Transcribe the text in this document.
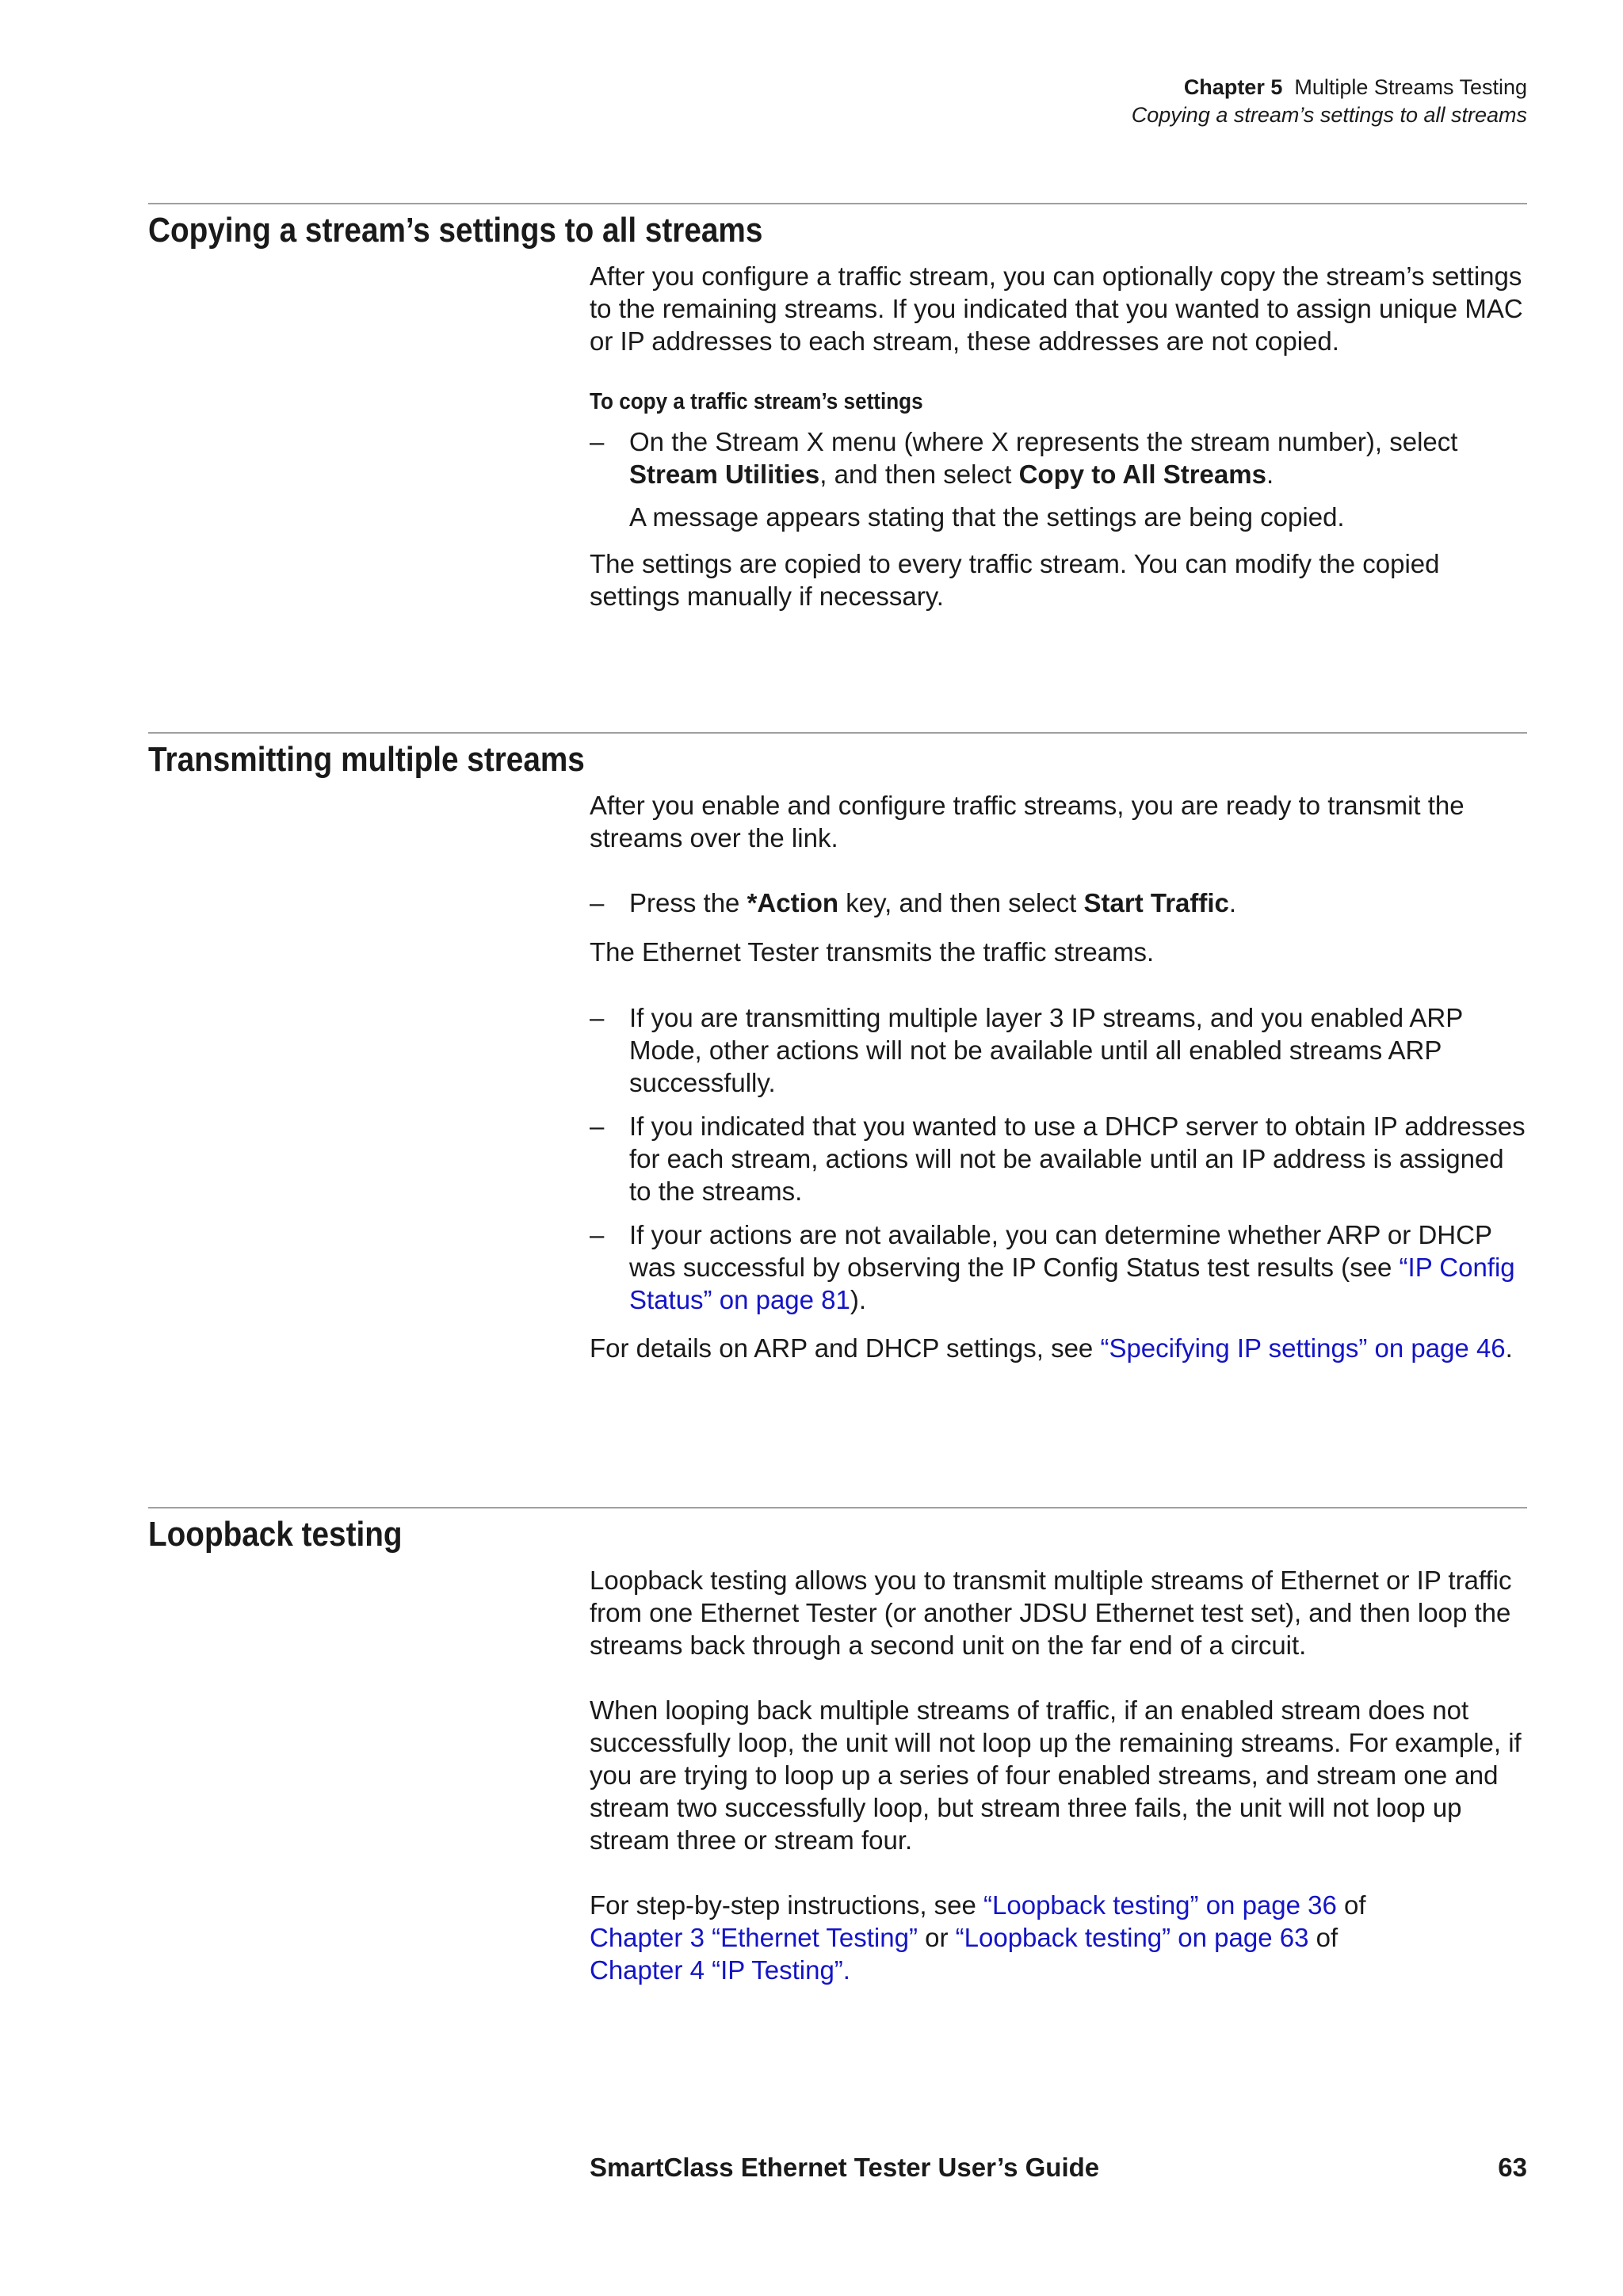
Chapter 5 Multiple Streams Testing
Copying a stream’s settings to all streams
Copying a stream’s settings to all streams

After you configure a traffic stream, you can optionally copy the stream’s settings to the remaining streams. If you indicated that you wanted to assign unique MAC or IP addresses to each stream, these addresses are not copied.

To copy a traffic stream’s settings

– On the Stream X menu (where X represents the stream number), select Stream Utilities, and then select Copy to All Streams.

A message appears stating that the settings are being copied.

The settings are copied to every traffic stream. You can modify the copied settings manually if necessary.

Transmitting multiple streams

After you enable and configure traffic streams, you are ready to transmit the streams over the link.

– Press the *Action key, and then select Start Traffic.

The Ethernet Tester transmits the traffic streams.

– If you are transmitting multiple layer 3 IP streams, and you enabled ARP Mode, other actions will not be available until all enabled streams ARP successfully.

– If you indicated that you wanted to use a DHCP server to obtain IP addresses for each stream, actions will not be available until an IP address is assigned to the streams.

– If your actions are not available, you can determine whether ARP or DHCP was successful by observing the IP Config Status test results (see “IP Config Status” on page 81).

For details on ARP and DHCP settings, see “Specifying IP settings” on page 46.

Loopback testing

Loopback testing allows you to transmit multiple streams of Ethernet or IP traffic from one Ethernet Tester (or another JDSU Ethernet test set), and then loop the streams back through a second unit on the far end of a circuit.

When looping back multiple streams of traffic, if an enabled stream does not successfully loop, the unit will not loop up the remaining streams. For example, if you are trying to loop up a series of four enabled streams, and stream one and stream two successfully loop, but stream three fails, the unit will not loop up stream three or stream four.

For step-by-step instructions, see “Loopback testing” on page 36 of
Chapter 3 “Ethernet Testing” or “Loopback testing” on page 63 of
Chapter 4 “IP Testing”.

SmartClass Ethernet Tester User’s Guide	63
